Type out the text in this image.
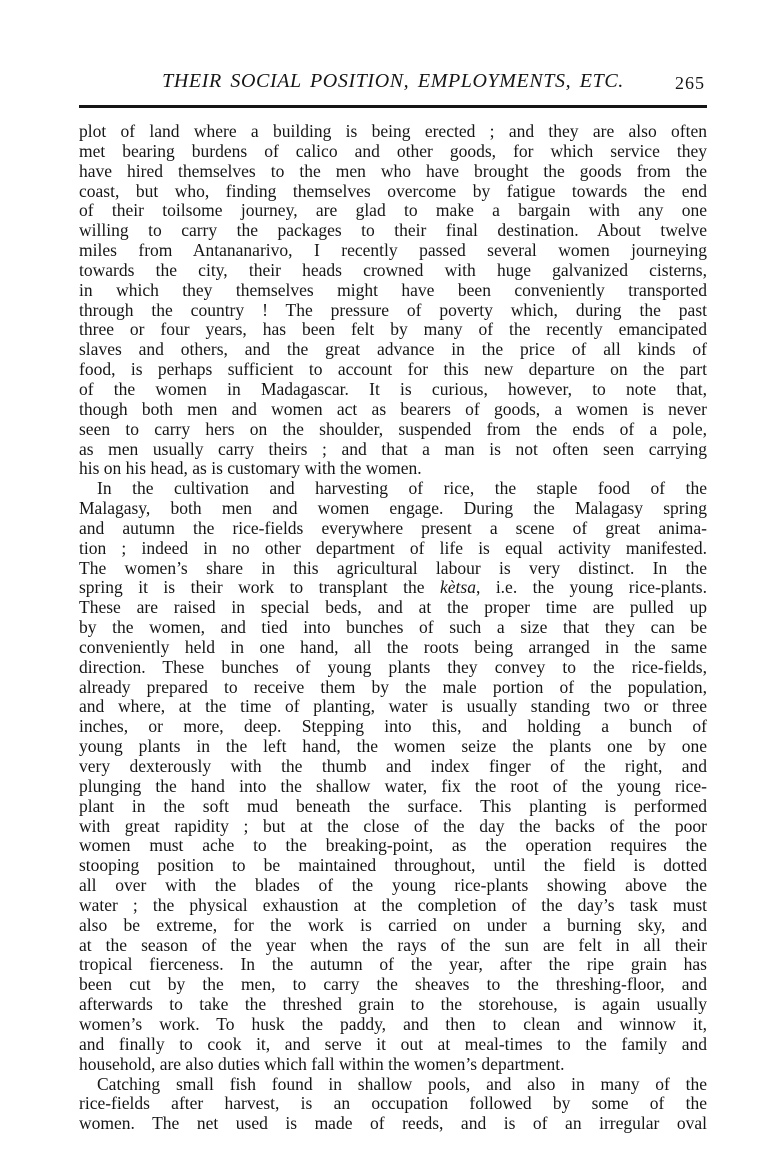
THEIR SOCIAL POSITION, EMPLOYMENTS, ETC.	265
plot of land where a building is being erected ; and they are also often
met bearing burdens of calico and other goods, for which service they
have hired themselves to the men who have brought the goods from the
coast, but who, finding themselves overcome by fatigue towards the end
of their toilsome journey, are glad to make a bargain with any one
willing to carry the packages to their final destination. About twelve
miles from Antananarivo, I recently passed several women journeying
towards the city, their heads crowned with huge galvanized cisterns,
in which they themselves might have been conveniently transported
through the country ! The pressure of poverty which, during the past
three or four years, has been felt by many of the recently emancipated
slaves and others, and the great advance in the price of all kinds of
food, is perhaps sufficient to account for this new departure on the part
of the women in Madagascar. It is curious, however, to note that,
though both men and women act as bearers of goods, a women is never
seen to carry hers on the shoulder, suspended from the ends of a pole,
as men usually carry theirs ; and that a man is not often seen carrying
his on his head, as is customary with the women.
In the cultivation and harvesting of rice, the staple food of the
Malagasy, both men and women engage. During the Malagasy spring
and autumn the rice-fields everywhere present a scene of great anima-
tion ; indeed in no other department of life is equal activity manifested.
The women’s share in this agricultural labour is very distinct. In the
spring it is their work to transplant the kètsa, i.e. the young rice-plants.
These are raised in special beds, and at the proper time are pulled up
by the women, and tied into bunches of such a size that they can be
conveniently held in one hand, all the roots being arranged in the same
direction. These bunches of young plants they convey to the rice-fields,
already prepared to receive them by the male portion of the population,
and where, at the time of planting, water is usually standing two or three
inches, or more, deep. Stepping into this, and holding a bunch of
young plants in the left hand, the women seize the plants one by one
very dexterously with the thumb and index finger of the right, and
plunging the hand into the shallow water, fix the root of the young rice-
plant in the soft mud beneath the surface. This planting is performed
with great rapidity ; but at the close of the day the backs of the poor
women must ache to the breaking-point, as the operation requires the
stooping position to be maintained throughout, until the field is dotted
all over with the blades of the young rice-plants showing above the
water ; the physical exhaustion at the completion of the day’s task must
also be extreme, for the work is carried on under a burning sky, and
at the season of the year when the rays of the sun are felt in all their
tropical fierceness. In the autumn of the year, after the ripe grain has
been cut by the men, to carry the sheaves to the threshing-floor, and
afterwards to take the threshed grain to the storehouse, is again usually
women’s work. To husk the paddy, and then to clean and winnow it,
and finally to cook it, and serve it out at meal-times to the family and
household, are also duties which fall within the women’s department.
Catching small fish found in shallow pools, and also in many of the
rice-fields after harvest, is an occupation followed by some of the
women. The net used is made of reeds, and is of an irregular oval
